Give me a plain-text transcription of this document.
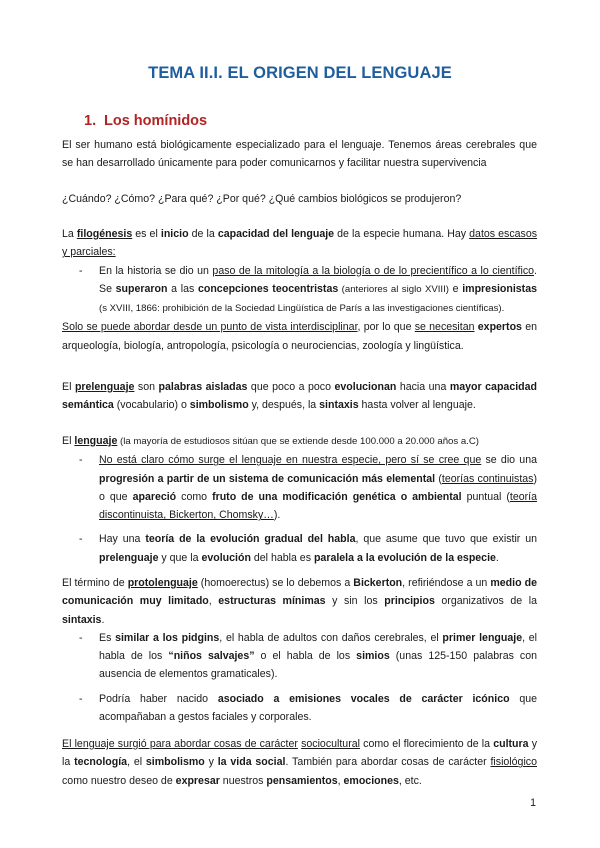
TEMA II.I. EL ORIGEN DEL LENGUAJE
1. Los homínidos

El ser humano está biológicamente especializado para el lenguaje. Tenemos áreas cerebrales que se han desarrollado únicamente para poder comunicarnos y facilitar nuestra supervivencia

¿Cuándo? ¿Cómo? ¿Para qué? ¿Por qué? ¿Qué cambios biológicos se produjeron?

La filogénesis es el inicio de la capacidad del lenguaje de la especie humana. Hay datos escasos y parciales:

- En la historia se dio un paso de la mitología a la biología o de lo precientífico a lo científico. Se superaron a las concepciones teocentristas (anteriores al siglo XVIII) e impresionistas (s XVIII, 1866: prohibición de la Sociedad Lingüística de París a las investigaciones científicas).

Solo se puede abordar desde un punto de vista interdisciplinar, por lo que se necesitan expertos en arqueología, biología, antropología, psicología o neurociencias, zoología y lingüística.

El prelenguaje son palabras aisladas que poco a poco evolucionan hacia una mayor capacidad semántica (vocabulario) o simbolismo y, después, la sintaxis hasta volver al lenguaje.

El lenguaje (la mayoría de estudiosos sitúan que se extiende desde 100.000 a 20.000 años a.C)

- No está claro cómo surge el lenguaje en nuestra especie, pero sí se cree que se dio una progresión a partir de un sistema de comunicación más elemental (teorías continuistas) o que apareció como fruto de una modificación genética o ambiental puntual (teoría discontinuista, Bickerton, Chomsky…).
- Hay una teoría de la evolución gradual del habla, que asume que tuvo que existir un prelenguaje y que la evolución del habla es paralela a la evolución de la especie.

El término de protolenguaje (homoerectus) se lo debemos a Bickerton, refiriéndose a un medio de comunicación muy limitado, estructuras mínimas y sin los principios organizativos de la sintaxis.

- Es similar a los pidgins, el habla de adultos con daños cerebrales, el primer lenguaje, el habla de los “niños salvajes” o el habla de los simios (unas 125-150 palabras con ausencia de elementos gramaticales).
- Podría haber nacido asociado a emisiones vocales de carácter icónico que acompañaban a gestos faciales y corporales.

El lenguaje surgió para abordar cosas de carácter sociocultural como el florecimiento de la cultura y la tecnología, el simbolismo y la vida social. También para abordar cosas de carácter fisiológico como nuestro deseo de expresar nuestros pensamientos, emociones, etc.

1
